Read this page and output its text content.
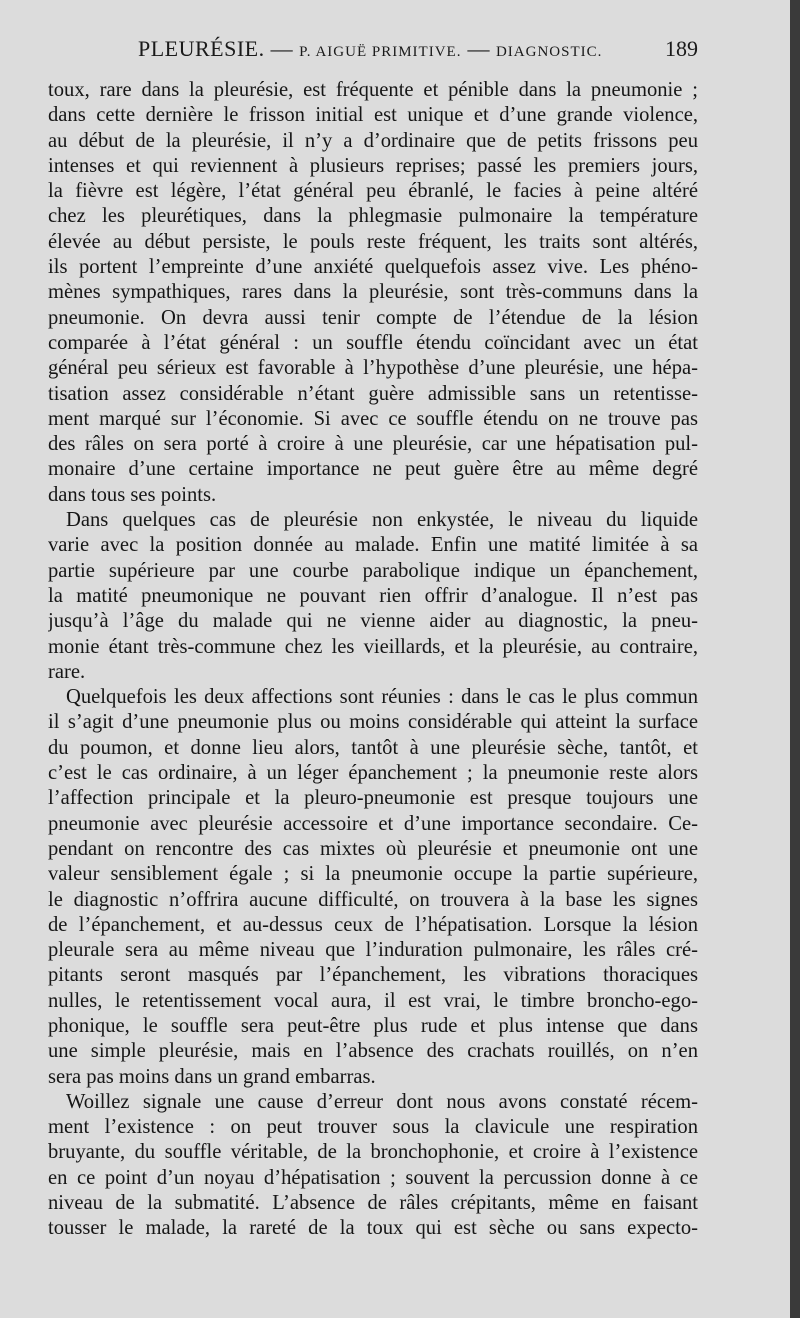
PLEURÉSIE. — P. AIGUË PRIMITIVE. — DIAGNOSTIC.	189
toux, rare dans la pleurésie, est fréquente et pénible dans la pneumonie ;
dans cette dernière le frisson initial est unique et d’une grande violence,
au début de la pleurésie, il n’y a d’ordinaire que de petits frissons peu
intenses et qui reviennent à plusieurs reprises; passé les premiers jours,
la fièvre est légère, l’état général peu ébranlé, le facies à peine altéré
chez les pleurétiques, dans la phlegmasie pulmonaire la température
élevée au début persiste, le pouls reste fréquent, les traits sont altérés,
ils portent l’empreinte d’une anxiété quelquefois assez vive. Les phéno-
mènes sympathiques, rares dans la pleurésie, sont très-communs dans la
pneumonie. On devra aussi tenir compte de l’étendue de la lésion
comparée à l’état général : un souffle étendu coïncidant avec un état
général peu sérieux est favorable à l’hypothèse d’une pleurésie, une hépa-
tisation assez considérable n’étant guère admissible sans un retentisse-
ment marqué sur l’économie. Si avec ce souffle étendu on ne trouve pas
des râles on sera porté à croire à une pleurésie, car une hépatisation pul-
monaire d’une certaine importance ne peut guère être au même degré
dans tous ses points.
Dans quelques cas de pleurésie non enkystée, le niveau du liquide
varie avec la position donnée au malade. Enfin une matité limitée à sa
partie supérieure par une courbe parabolique indique un épanchement,
la matité pneumonique ne pouvant rien offrir d’analogue. Il n’est pas
jusqu’à l’âge du malade qui ne vienne aider au diagnostic, la pneu-
monie étant très-commune chez les vieillards, et la pleurésie, au contraire,
rare.
Quelquefois les deux affections sont réunies : dans le cas le plus commun
il s’agit d’une pneumonie plus ou moins considérable qui atteint la surface
du poumon, et donne lieu alors, tantôt à une pleurésie sèche, tantôt, et
c’est le cas ordinaire, à un léger épanchement ; la pneumonie reste alors
l’affection principale et la pleuro-pneumonie est presque toujours une
pneumonie avec pleurésie accessoire et d’une importance secondaire. Ce-
pendant on rencontre des cas mixtes où pleurésie et pneumonie ont une
valeur sensiblement égale ; si la pneumonie occupe la partie supérieure,
le diagnostic n’offrira aucune difficulté, on trouvera à la base les signes
de l’épanchement, et au-dessus ceux de l’hépatisation. Lorsque la lésion
pleurale sera au même niveau que l’induration pulmonaire, les râles cré-
pitants seront masqués par l’épanchement, les vibrations thoraciques
nulles, le retentissement vocal aura, il est vrai, le timbre broncho-ego-
phonique, le souffle sera peut-être plus rude et plus intense que dans
une simple pleurésie, mais en l’absence des crachats rouillés, on n’en
sera pas moins dans un grand embarras.
Woillez signale une cause d’erreur dont nous avons constaté récem-
ment l’existence : on peut trouver sous la clavicule une respiration
bruyante, du souffle véritable, de la bronchophonie, et croire à l’existence
en ce point d’un noyau d’hépatisation ; souvent la percussion donne à ce
niveau de la submatité. L’absence de râles crépitants, même en faisant
tousser le malade, la rareté de la toux qui est sèche ou sans expecto-
